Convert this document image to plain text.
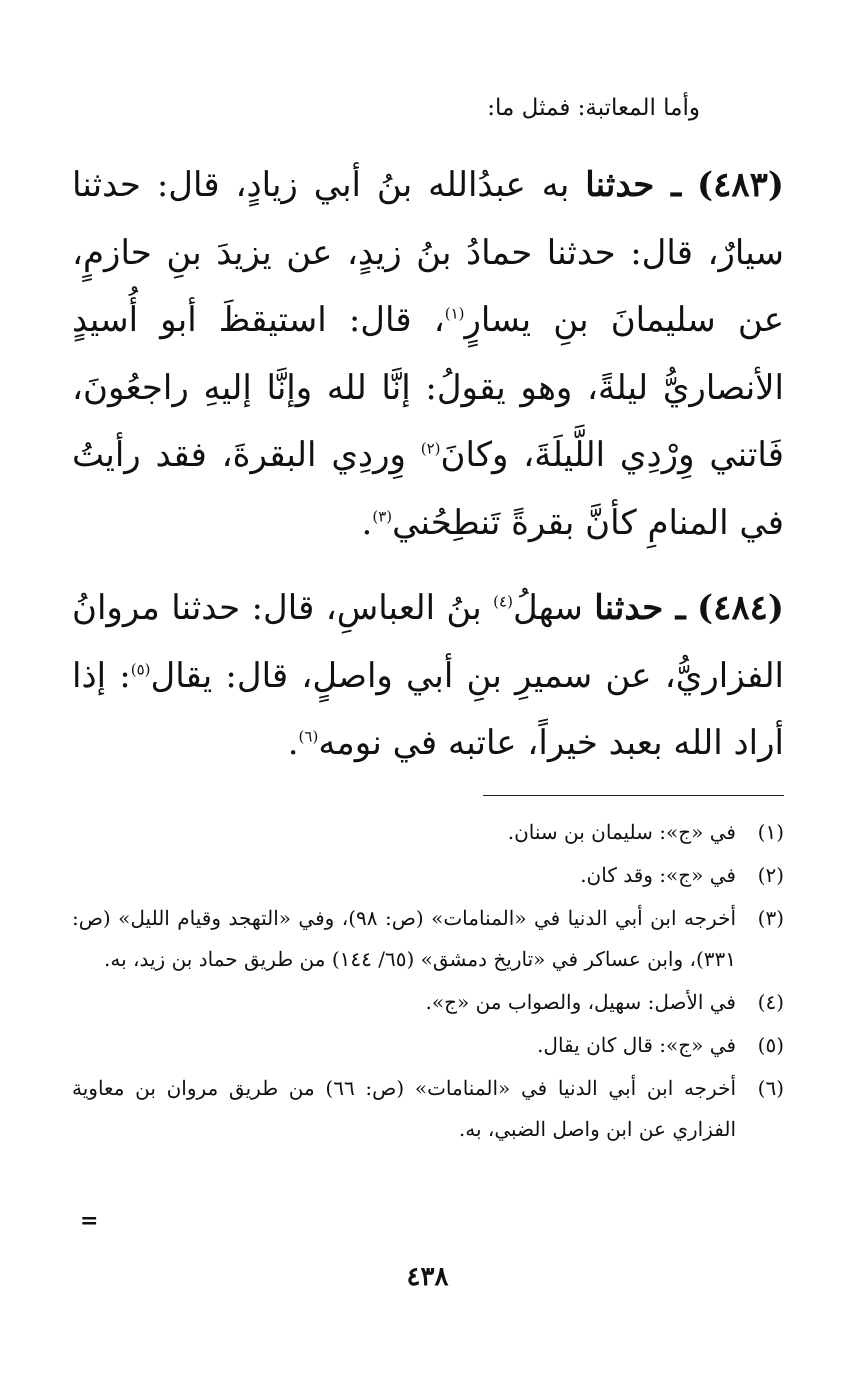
وأما المعاتبة: فمثل ما:

(٤٨٣) ـ حدثنا به عبدُالله بنُ أبي زيادٍ، قال: حدثنا سيارٌ، قال: حدثنا حمادُ بنُ زيدٍ، عن يزيدَ بنِ حازمٍ، عن سليمانَ بنِ يسارٍ$^{(١)}$، قال: استيقظَ أبو أُسيدٍ الأنصاريُّ ليلةً، وهو يقولُ: إنَّا لله وإنَّا إليهِ راجعُونَ، فَاتني وِرْدِي اللَّيلَةَ، وكانَ$^{(٢)}$ وِردِي البقرةَ، فقد رأيتُ في المنامِ كأنَّ بقرةً تَنطِحُني$^{(٣)}$.

(٤٨٤) ـ حدثنا سهلُ$^{(٤)}$ بنُ العباسِ، قال: حدثنا مروانُ الفزاريُّ، عن سميرِ بنِ أبي واصلٍ، قال: يقال$^{(٥)}$: إذا أراد الله بعبد خيراً، عاتبه في نومه$^{(٦)}$.

(١)
في «ج»: سليمان بن سنان.
(٢)
في «ج»: وقد كان.
(٣)
أخرجه ابن أبي الدنيا في «المنامات» (ص: ٩٨)، وفي «التهجد وقيام الليل» (ص: ٣٣١)، وابن عساكر في «تاريخ دمشق» (٦٥/ ١٤٤) من طريق حماد بن زيد، به.
(٤)
في الأصل: سهيل، والصواب من «ج».
(٥)
في «ج»: قال كان يقال.
(٦)
أخرجه ابن أبي الدنيا في «المنامات» (ص: ٦٦) من طريق مروان بن معاوية الفزاري عن ابن واصل الضبي، به.
=
٤٣٨
